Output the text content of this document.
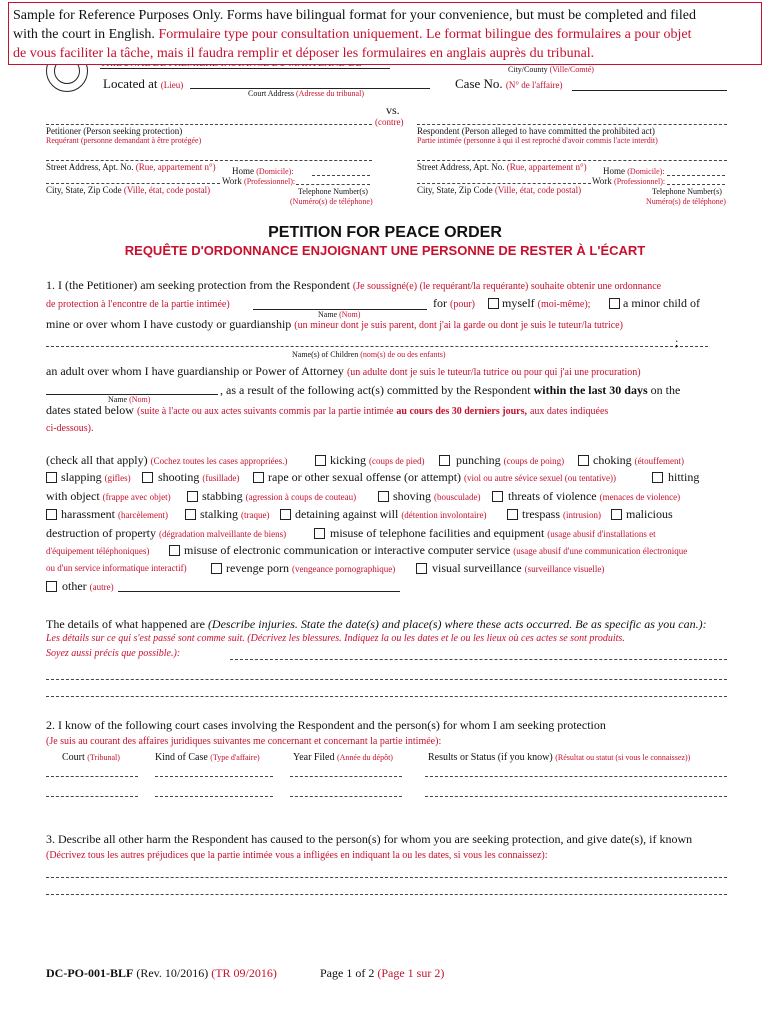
Sample for Reference Purposes Only. Forms have bilingual format for your convenience, but must be completed and filed
with the court in English. Formulaire type pour consultation uniquement. Le format bilingue des formulaires a pour objet
de vous faciliter la tâche, mais il faudra remplir et déposer les formulaires en anglais auprès du tribunal.
City/County (Ville/Comté)
Located at (Lieu)
Court Address (Adresse du tribunal)
Case No. (N° de l'affaire)
vs.
(contre)
Petitioner (Person seeking protection)
Requérant (personne demandant à être protégée)
Respondent (Person alleged to have committed the prohibited act)
Partie intimée (personne à qui il est reproché d'avoir commis l'acte interdit)
Street Address, Apt. No. (Rue, appartement n°) Home (Domicile):
Work (Professionnel):
City, State, Zip Code (Ville, état, code postal)	Telephone Number(s)
(Numéro(s) de téléphone)
Street Address, Apt. No. (Rue, appartement n°) Home (Domicile):
Work (Professionnel):
City, State, Zip Code (Ville, état, code postal)	Telephone Number(s)
Numéro(s) de téléphone)
PETITION FOR PEACE ORDER
REQUÊTE D'ORDONNANCE ENJOIGNANT UNE PERSONNE DE RESTER À L'ÉCART
1. I (the Petitioner) am seeking protection from the Respondent (Je soussigné(e) (le requérant/la requérante) souhaite obtenir une ordonnance
de protection à l'encontre de la partie intimée)	for (pour) myself (moi-même);	a minor child of
Name (Nom)
mine or over whom I have custody or guardianship (un mineur dont je suis parent, dont j'ai la garde ou dont je suis le tuteur/la tutrice)
;
Name(s) of Children (nom(s) de ou des enfants)
an adult over whom I have guardianship or Power of Attorney (un adulte dont je suis le tuteur/la tutrice ou pour qui j'ai une procuration)
Name (Nom)
, as a result of the following act(s) committed by the Respondent within the last 30 days on the
dates stated below (suite à l'acte ou aux actes suivants commis par la partie intimée au cours des 30 derniers jours, aux dates indiquées
ci-dessous).
(check all that apply) (Cochez toutes les cases appropriées.)	kicking (coups de pied)	punching (coups de poing) choking (étouffement)
slapping (gifles) shooting (fusillade) rape or other sexual offense (or attempt) (viol ou autre sévice sexuel (ou tentative))	hitting
with object (frappe avec objet)	stabbing (agression à coups de couteau)	shoving (bousculade) threats of violence (menaces de violence)
harassment (harcèlement)	stalking (traque) detaining against will (détention involontaire)	trespass (intrusion) malicious
destruction of property (dégradation malveillante de biens)	misuse of telephone facilities and equipment (usage abusif d'installations et
d'équipement téléphoniques)	misuse of electronic communication or interactive computer service (usage abusif d'une communication électronique
ou d'un service informatique interactif)	revenge porn (vengeance pornographique)	visual surveillance (surveillance visuelle)
other (autre)
The details of what happened are (Describe injuries. State the date(s) and place(s) where these acts occurred. Be as specific as you can.):
Les détails sur ce qui s'est passé sont comme suit. (Décrivez les blessures. Indiquez la ou les dates et le ou les lieux où ces actes se sont produits.
Soyez aussi précis que possible.):
2. I know of the following court cases involving the Respondent and the person(s) for whom I am seeking protection
(Je suis au courant des affaires juridiques suivantes me concernant et concernant la partie intimée):
Court (Tribunal)	Kind of Case (Type d'affaire)	Year Filed (Année du dépôt)	Results or Status (if you know) (Résultat ou statut (si vous le connaissez))
3. Describe all other harm the Respondent has caused to the person(s) for whom you are seeking protection, and give date(s), if known
(Décrivez tous les autres préjudices que la partie intimée vous a infligées en indiquant la ou les dates, si vous les connaissez):
DC-PO-001-BLF (Rev. 10/2016) (TR 09/2016)	Page 1 of 2 (Page 1 sur 2)
